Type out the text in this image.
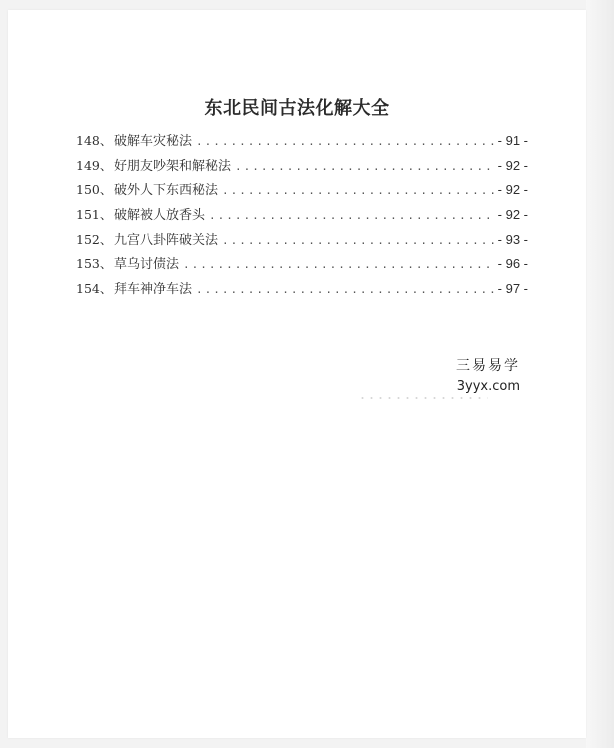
东北民间古法化解大全
148、 破解车灾秘法 .....	- 91 -
149、 好朋友吵架和解秘法 .....	- 92 -
150、 破外人下东西秘法 .....	- 92 -
151、 破解被人放香头 .....	- 92 -
152、 九宫八卦阵破关法 .....	- 93 -
153、 草乌讨债法 .....	- 96 -
154、 拜车神净车法 .....	- 97 -
三易易学
3yyx.com
